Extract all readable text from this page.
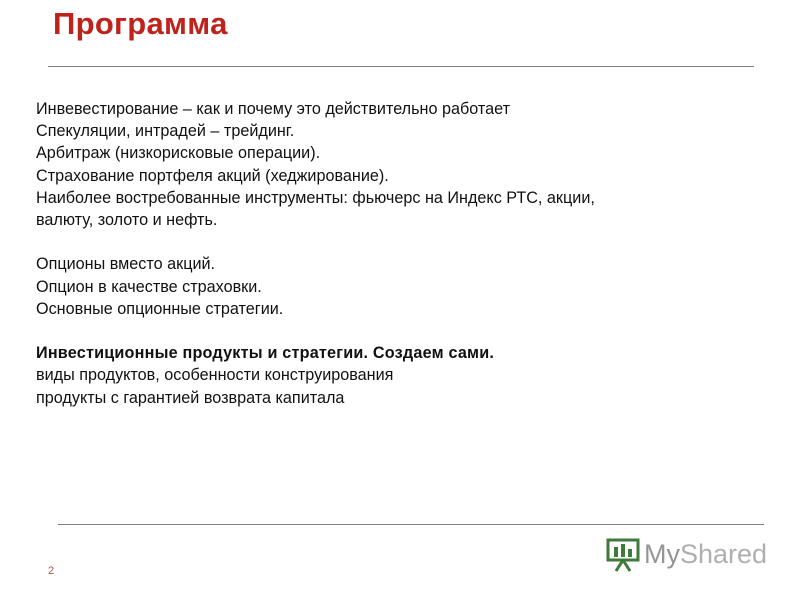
Программа
Инвевестирование – как и почему это действительно работает
Спекуляции, интрадей – трейдинг.
Арбитраж (низкорисковые операции).
Страхование портфеля акций (хеджирование).
Наиболее востребованные инструменты: фьючерс на Индекс РТС, акции,
валюту, золото и нефть.
Опционы вместо акций.
Опцион в качестве страховки.
Основные опционные стратегии.
Инвестиционные продукты и стратегии. Создаем сами.
виды продуктов, особенности конструирования
продукты с гарантией возврата капитала
2
MyShared
